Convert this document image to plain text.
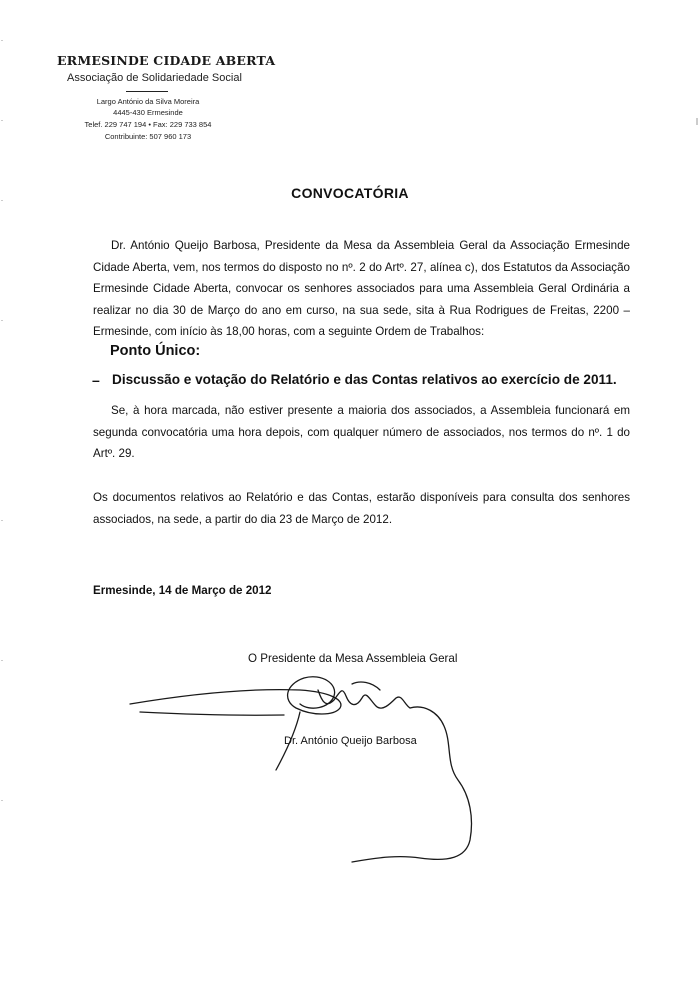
ERMESINDE CIDADE ABERTA
Associação de Solidariedade Social
Largo António da Silva Moreira
4445-430 Ermesinde
Telef. 229 747 194 • Fax: 229 733 854
Contribuinte: 507 960 173
CONVOCATÓRIA
Dr. António Queijo Barbosa, Presidente da Mesa da Assembleia Geral da Associação Ermesinde Cidade Aberta, vem, nos termos do disposto no nº. 2 do Artº. 27, alínea c), dos Estatutos da Associação Ermesinde Cidade Aberta, convocar os senhores associados para uma Assembleia Geral Ordinária a realizar no dia 30 de Março do ano em curso, na sua sede, sita à Rua Rodrigues de Freitas, 2200 – Ermesinde, com início às 18,00 horas, com a seguinte Ordem de Trabalhos:
Ponto Único:
– Discussão e votação do Relatório e das Contas relativos ao exercício de 2011.
Se, à hora marcada, não estiver presente a maioria dos associados, a Assembleia funcionará em segunda convocatória uma hora depois, com qualquer número de associados, nos termos do nº. 1 do Artº. 29.
Os documentos relativos ao Relatório e das Contas, estarão disponíveis para consulta dos senhores associados, na sede, a partir do dia 23 de Março de 2012.
Ermesinde, 14 de Março de 2012
O Presidente da Mesa Assembleia Geral
Dr. António Queijo Barbosa
